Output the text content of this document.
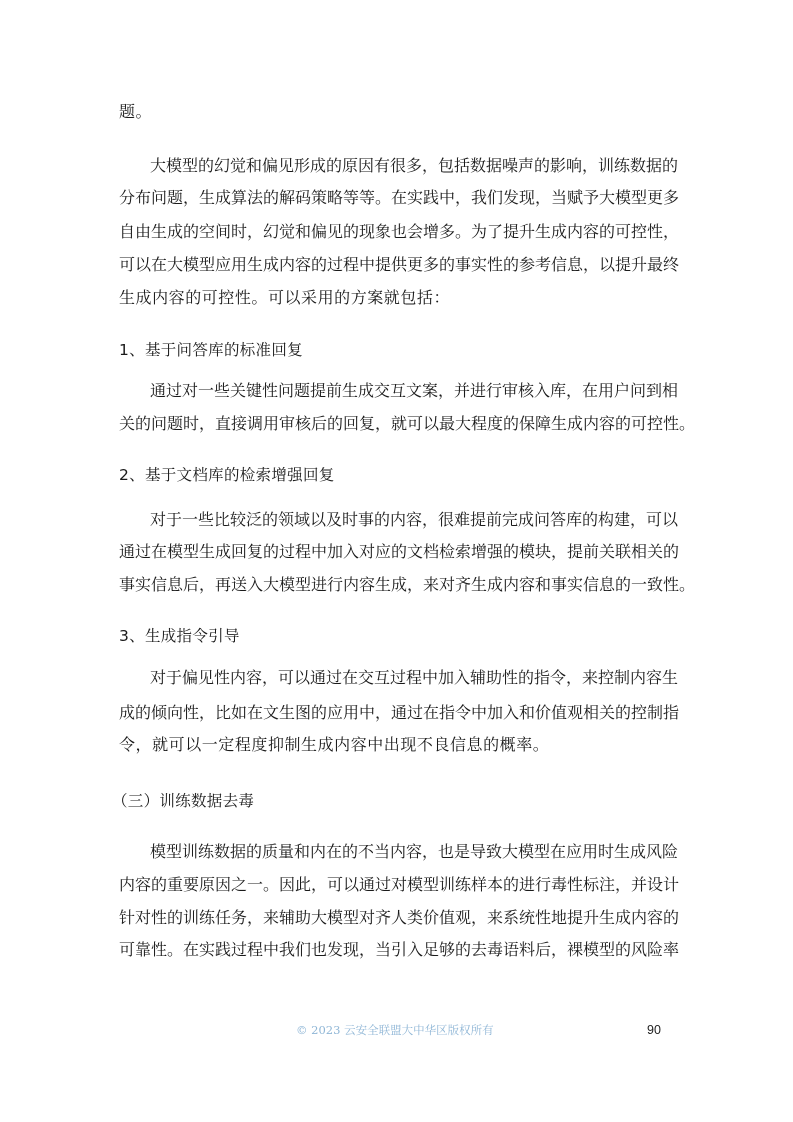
题。
大模型的幻觉和偏见形成的原因有很多，包括数据噪声的影响，训练数据的
分布问题，生成算法的解码策略等等。在实践中，我们发现，当赋予大模型更多
自由生成的空间时，幻觉和偏见的现象也会增多。为了提升生成内容的可控性，
可以在大模型应用生成内容的过程中提供更多的事实性的参考信息，以提升最终
生成内容的可控性。可以采用的方案就包括：
1、基于问答库的标准回复
通过对一些关键性问题提前生成交互文案，并进行审核入库，在用户问到相
关的问题时，直接调用审核后的回复，就可以最大程度的保障生成内容的可控性。
2、基于文档库的检索增强回复
对于一些比较泛的领域以及时事的内容，很难提前完成问答库的构建，可以
通过在模型生成回复的过程中加入对应的文档检索增强的模块，提前关联相关的
事实信息后，再送入大模型进行内容生成，来对齐生成内容和事实信息的一致性。
3、生成指令引导
对于偏见性内容，可以通过在交互过程中加入辅助性的指令，来控制内容生
成的倾向性，比如在文生图的应用中，通过在指令中加入和价值观相关的控制指
令，就可以一定程度抑制生成内容中出现不良信息的概率。
（三）训练数据去毒
模型训练数据的质量和内在的不当内容，也是导致大模型在应用时生成风险
内容的重要原因之一。因此，可以通过对模型训练样本的进行毒性标注，并设计
针对性的训练任务，来辅助大模型对齐人类价值观，来系统性地提升生成内容的
可靠性。在实践过程中我们也发现，当引入足够的去毒语料后，裸模型的风险率
© 2023 云安全联盟大中华区版权所有	90
